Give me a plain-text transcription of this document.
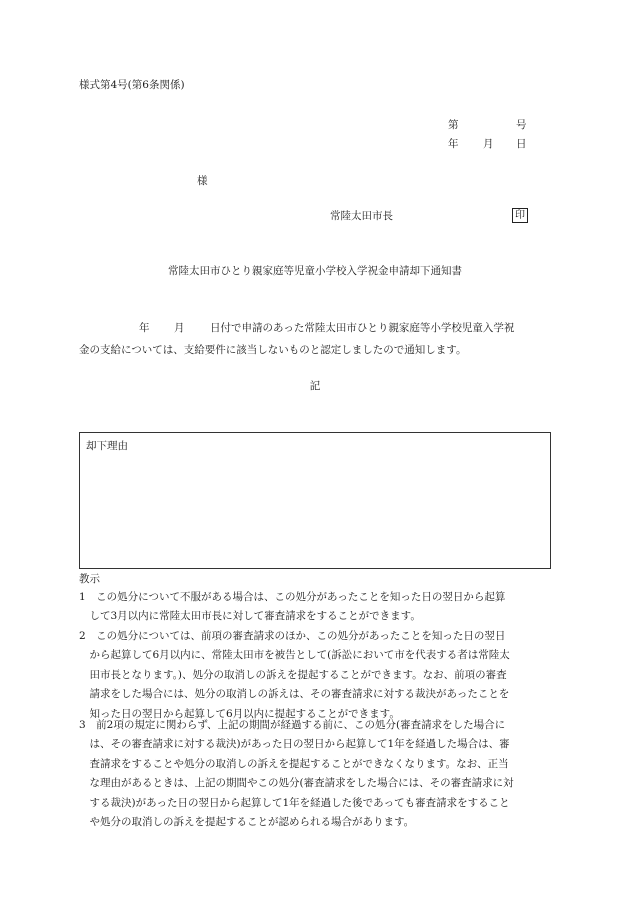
様式第4号(第6条関係)
第	号
年 月 日
様
常陸太田市長	印
常陸太田市ひとり親家庭等児童小学校入学祝金申請却下通知書
年 月 日付で申請のあった常陸太田市ひとり親家庭等小学校児童入学祝
金の支給については、支給要件に該当しないものと認定しましたので通知します。
記
却下理由
教示
1　この処分について不服がある場合は、この処分があったことを知った日の翌日から起算
　して3月以内に常陸太田市長に対して審査請求をすることができます。
2　この処分については、前項の審査請求のほか、この処分があったことを知った日の翌日
　から起算して6月以内に、常陸太田市を被告として(訴訟において市を代表する者は常陸太
　田市長となります。)、処分の取消しの訴えを提起することができます。なお、前項の審査
　請求をした場合には、処分の取消しの訴えは、その審査請求に対する裁決があったことを
　知った日の翌日から起算して6月以内に提起することができます。
3　前2項の規定に関わらず、上記の期間が経過する前に、この処分(審査請求をした場合に
　は、その審査請求に対する裁決)があった日の翌日から起算して1年を経過した場合は、審
　査請求をすることや処分の取消しの訴えを提起することができなくなります。なお、正当
　な理由があるときは、上記の期間やこの処分(審査請求をした場合には、その審査請求に対
　する裁決)があった日の翌日から起算して1年を経過した後であっても審査請求をすること
　や処分の取消しの訴えを提起することが認められる場合があります。
